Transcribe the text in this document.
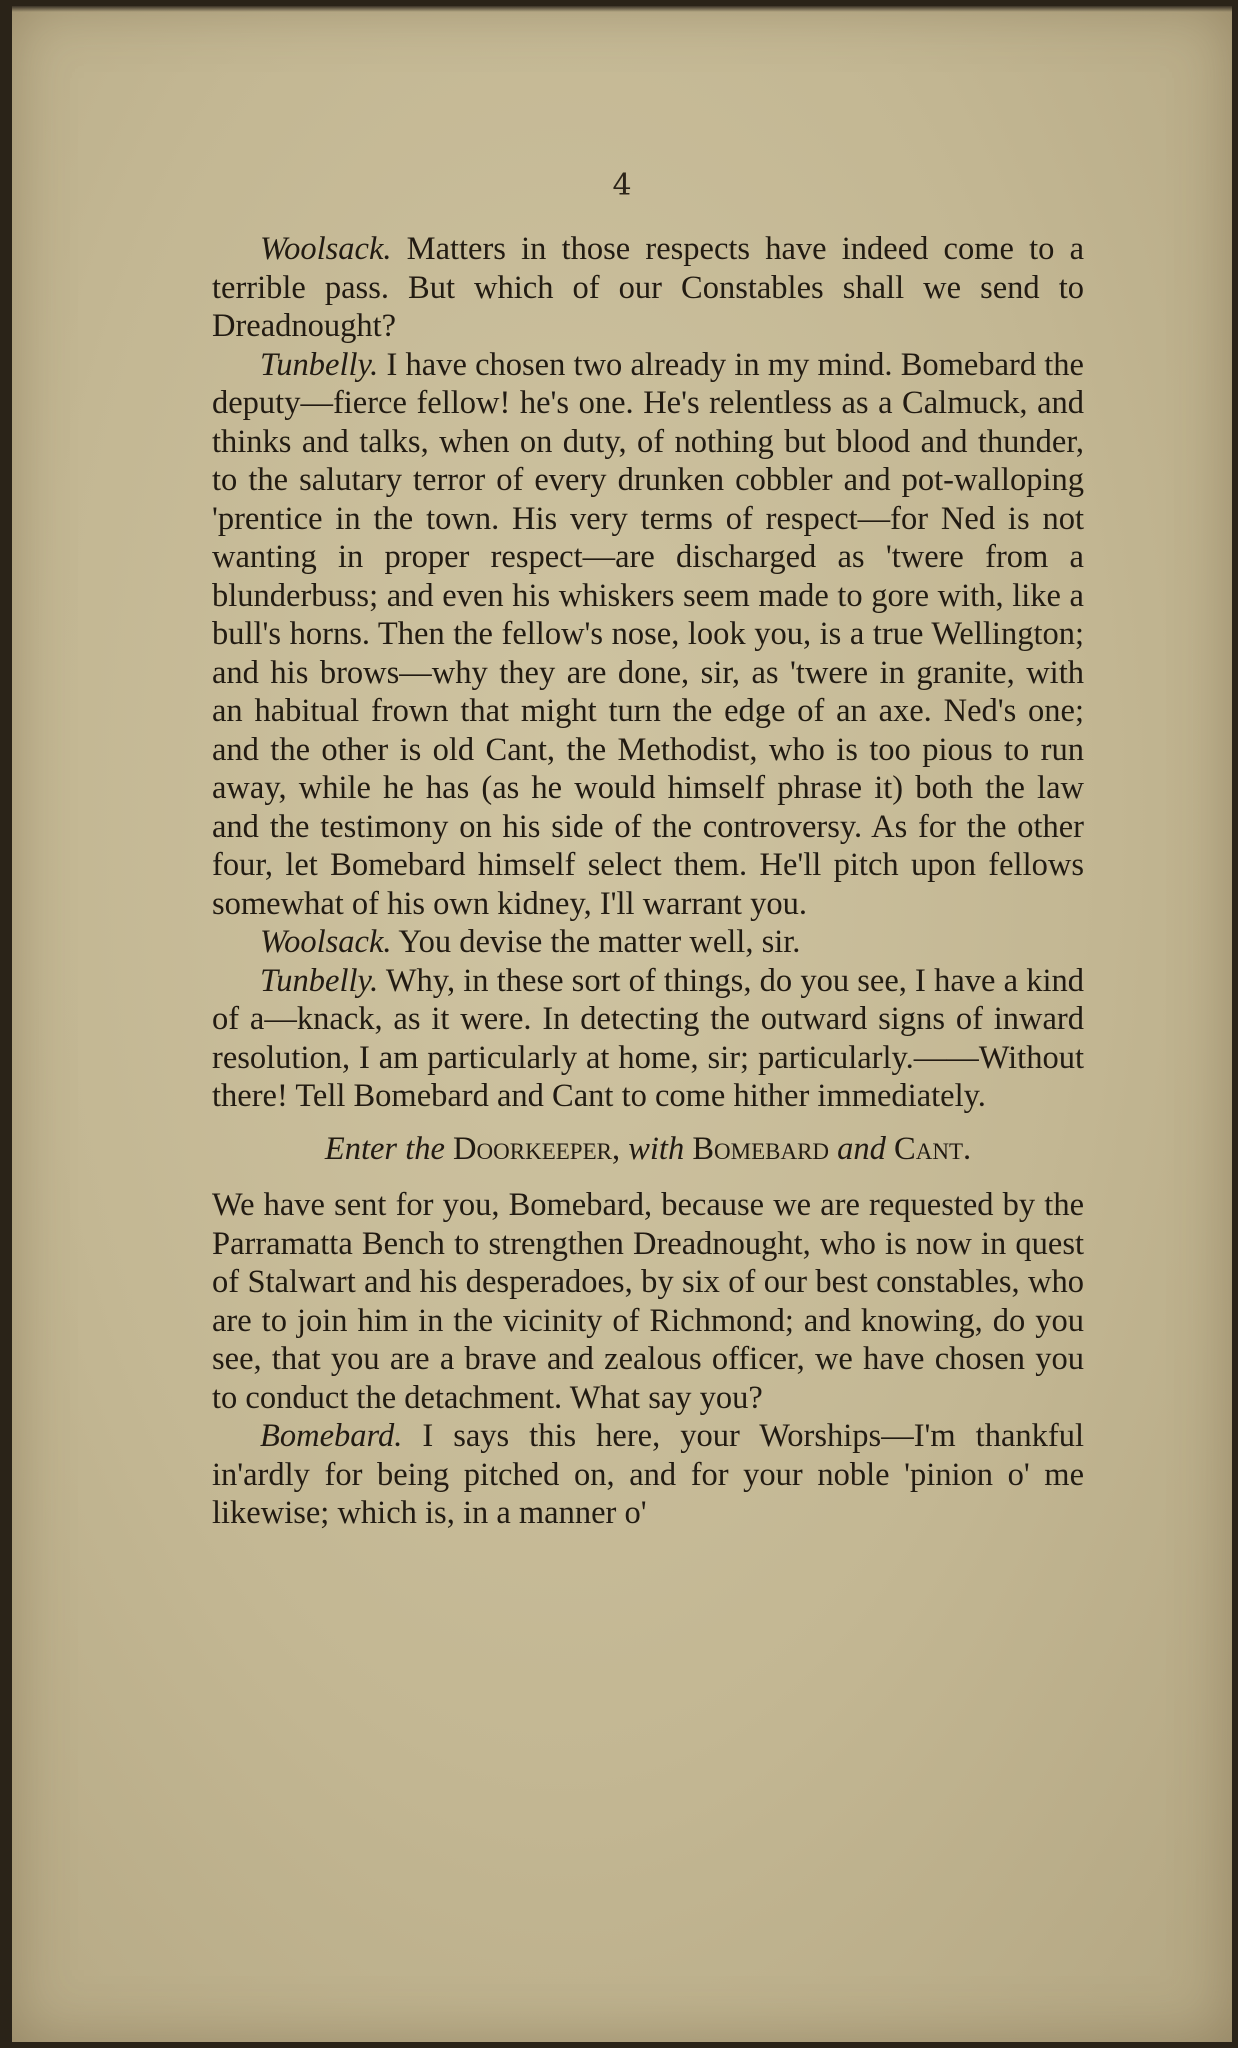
4

Woolsack. Matters in those respects have indeed come to a terrible pass. But which of our Constables shall we send to Dreadnought?

Tunbelly. I have chosen two already in my mind. Bomebard the deputy—fierce fellow! he's one. He's relentless as a Calmuck, and thinks and talks, when on duty, of nothing but blood and thunder, to the salutary terror of every drunken cobbler and pot-walloping 'prentice in the town. His very terms of respect—for Ned is not wanting in proper respect—are discharged as 'twere from a blunderbuss; and even his whiskers seem made to gore with, like a bull's horns. Then the fellow's nose, look you, is a true Wellington; and his brows—why they are done, sir, as 'twere in granite, with an habitual frown that might turn the edge of an axe. Ned's one; and the other is old Cant, the Methodist, who is too pious to run away, while he has (as he would himself phrase it) both the law and the testimony on his side of the controversy. As for the other four, let Bomebard himself select them. He'll pitch upon fellows somewhat of his own kidney, I'll warrant you.

Woolsack. You devise the matter well, sir.

Tunbelly. Why, in these sort of things, do you see, I have a kind of a—knack, as it were. In detecting the outward signs of inward resolution, I am particularly at home, sir; particularly.——Without there! Tell Bomebard and Cant to come hither immediately.

Enter the Doorkeeper, with Bomebard and Cant.

We have sent for you, Bomebard, because we are requested by the Parramatta Bench to strengthen Dreadnought, who is now in quest of Stalwart and his desperadoes, by six of our best constables, who are to join him in the vicinity of Richmond; and knowing, do you see, that you are a brave and zealous officer, we have chosen you to conduct the detachment. What say you?

Bomebard. I says this here, your Worships—I'm thankful in'ardly for being pitched on, and for your noble 'pinion o' me likewise; which is, in a manner o'
